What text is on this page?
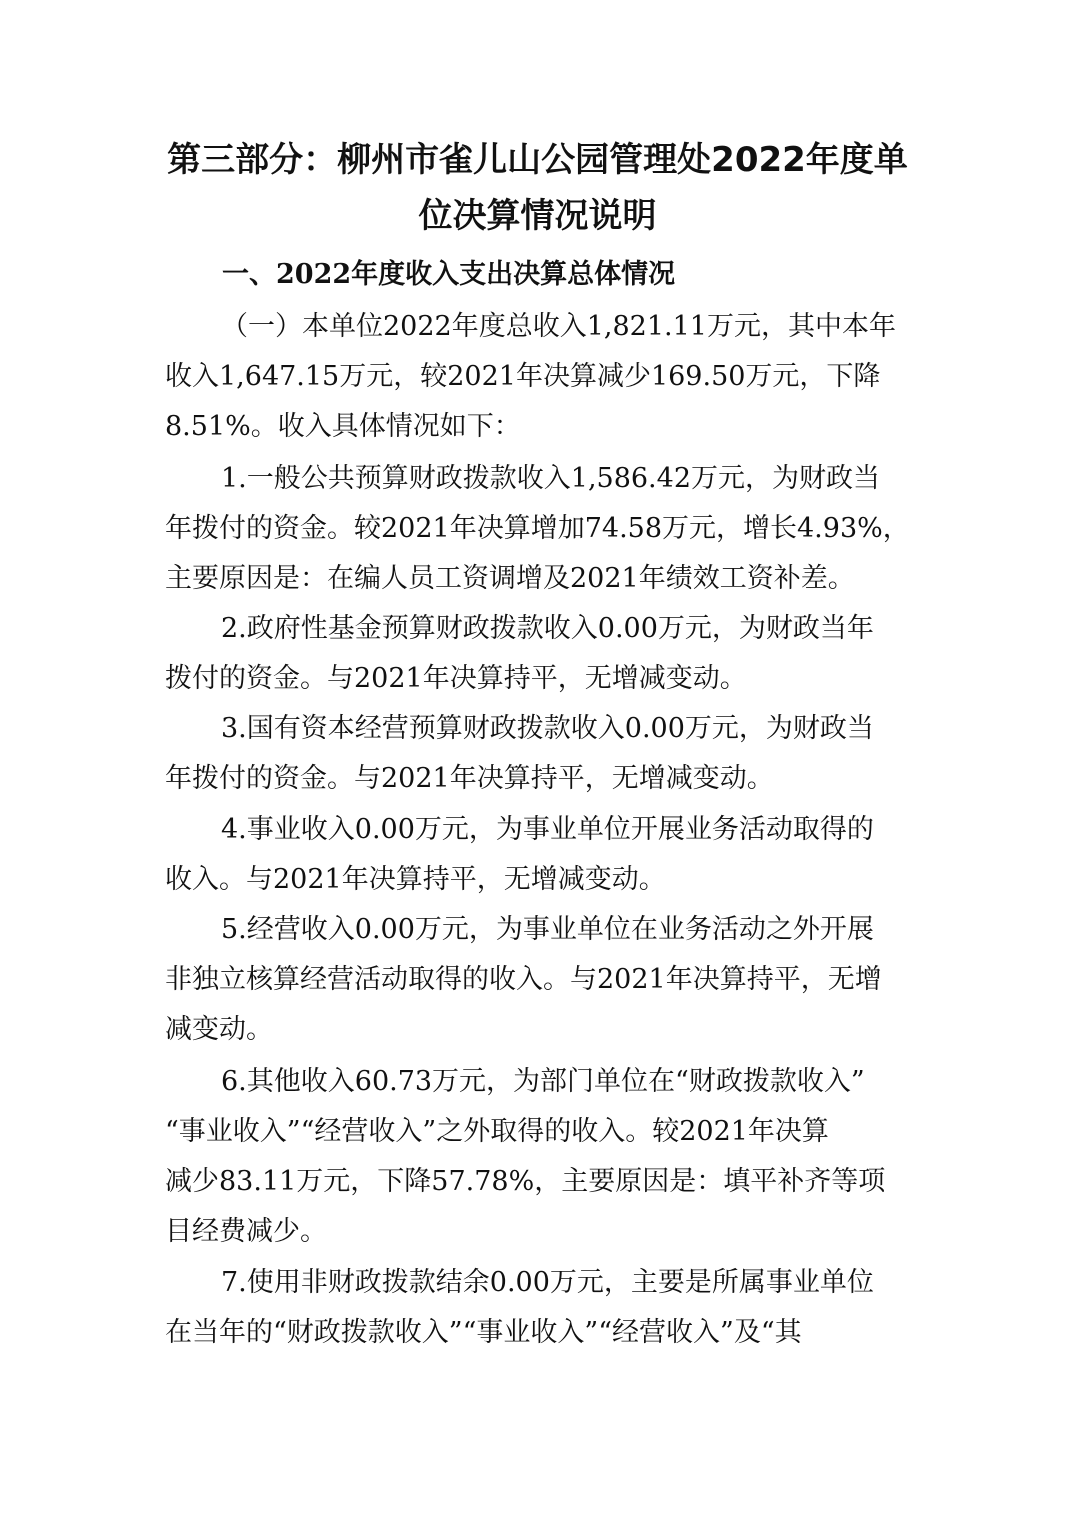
第三部分：柳州市雀儿山公园管理处2022年度单
位决算情况说明
一、2022年度收入支出决算总体情况
（一）本单位2022年度总收入1,821.11万元，其中本年
收入1,647.15万元，较2021年决算减少169.50万元，下降
8.51%。收入具体情况如下：
1.一般公共预算财政拨款收入1,586.42万元，为财政当
年拨付的资金。较2021年决算增加74.58万元，增长4.93%，
主要原因是：在编人员工资调增及2021年绩效工资补差。
2.政府性基金预算财政拨款收入0.00万元，为财政当年
拨付的资金。与2021年决算持平，无增减变动。
3.国有资本经营预算财政拨款收入0.00万元，为财政当
年拨付的资金。与2021年决算持平，无增减变动。
4.事业收入0.00万元，为事业单位开展业务活动取得的
收入。与2021年决算持平，无增减变动。
5.经营收入0.00万元，为事业单位在业务活动之外开展
非独立核算经营活动取得的收入。与2021年决算持平，无增
减变动。
6.其他收入60.73万元，为部门单位在“财政拨款收入”
“事业收入”“经营收入”之外取得的收入。较2021年决算
减少83.11万元，下降57.78%，主要原因是：填平补齐等项
目经费减少。
7.使用非财政拨款结余0.00万元，主要是所属事业单位
在当年的“财政拨款收入”“事业收入”“经营收入”及“其
